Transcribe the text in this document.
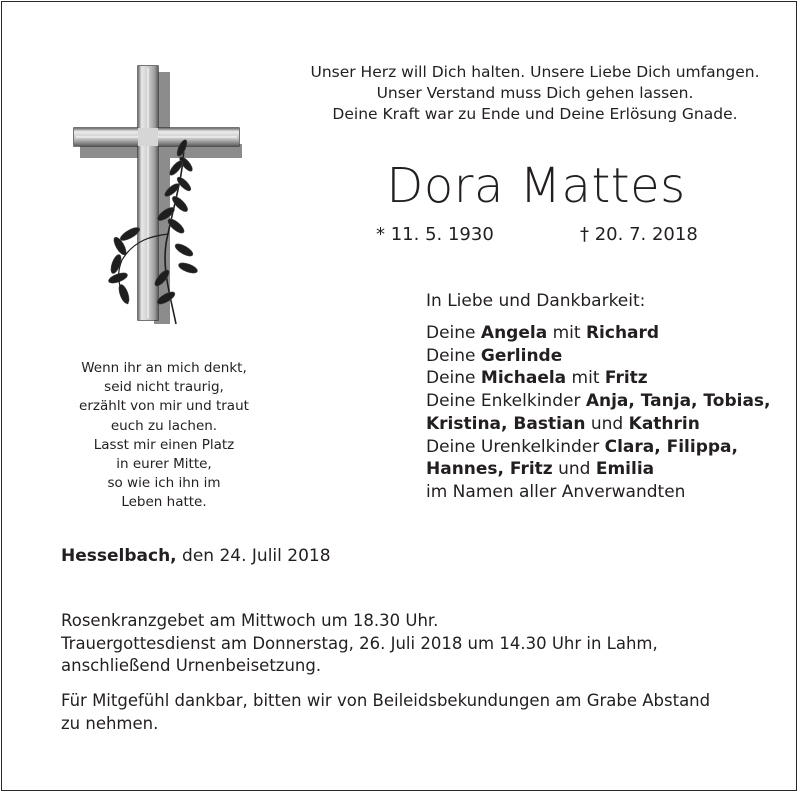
Unser Herz will Dich halten. Unsere Liebe Dich umfangen.
Unser Verstand muss Dich gehen lassen.
Deine Kraft war zu Ende und Deine Erlösung Gnade.
Dora Mattes
* 11. 5. 1930	† 20. 7. 2018
Wenn ihr an mich denkt,
seid nicht traurig,
erzählt von mir und traut
euch zu lachen.
Lasst mir einen Platz
in eurer Mitte,
so wie ich ihn im
Leben hatte.
In Liebe und Dankbarkeit:
Deine Angela mit Richard
Deine Gerlinde
Deine Michaela mit Fritz
Deine Enkelkinder Anja, Tanja, Tobias,
Kristina, Bastian und Kathrin
Deine Urenkelkinder Clara, Filippa,
Hannes, Fritz und Emilia
im Namen aller Anverwandten
Hesselbach, den 24. Julil 2018
Rosenkranzgebet am Mittwoch um 18.30 Uhr.
Trauergottesdienst am Donnerstag, 26. Juli 2018 um 14.30 Uhr in Lahm,
anschließend Urnenbeisetzung.
Für Mitgefühl dankbar, bitten wir von Beileidsbekundungen am Grabe Abstand
zu nehmen.
